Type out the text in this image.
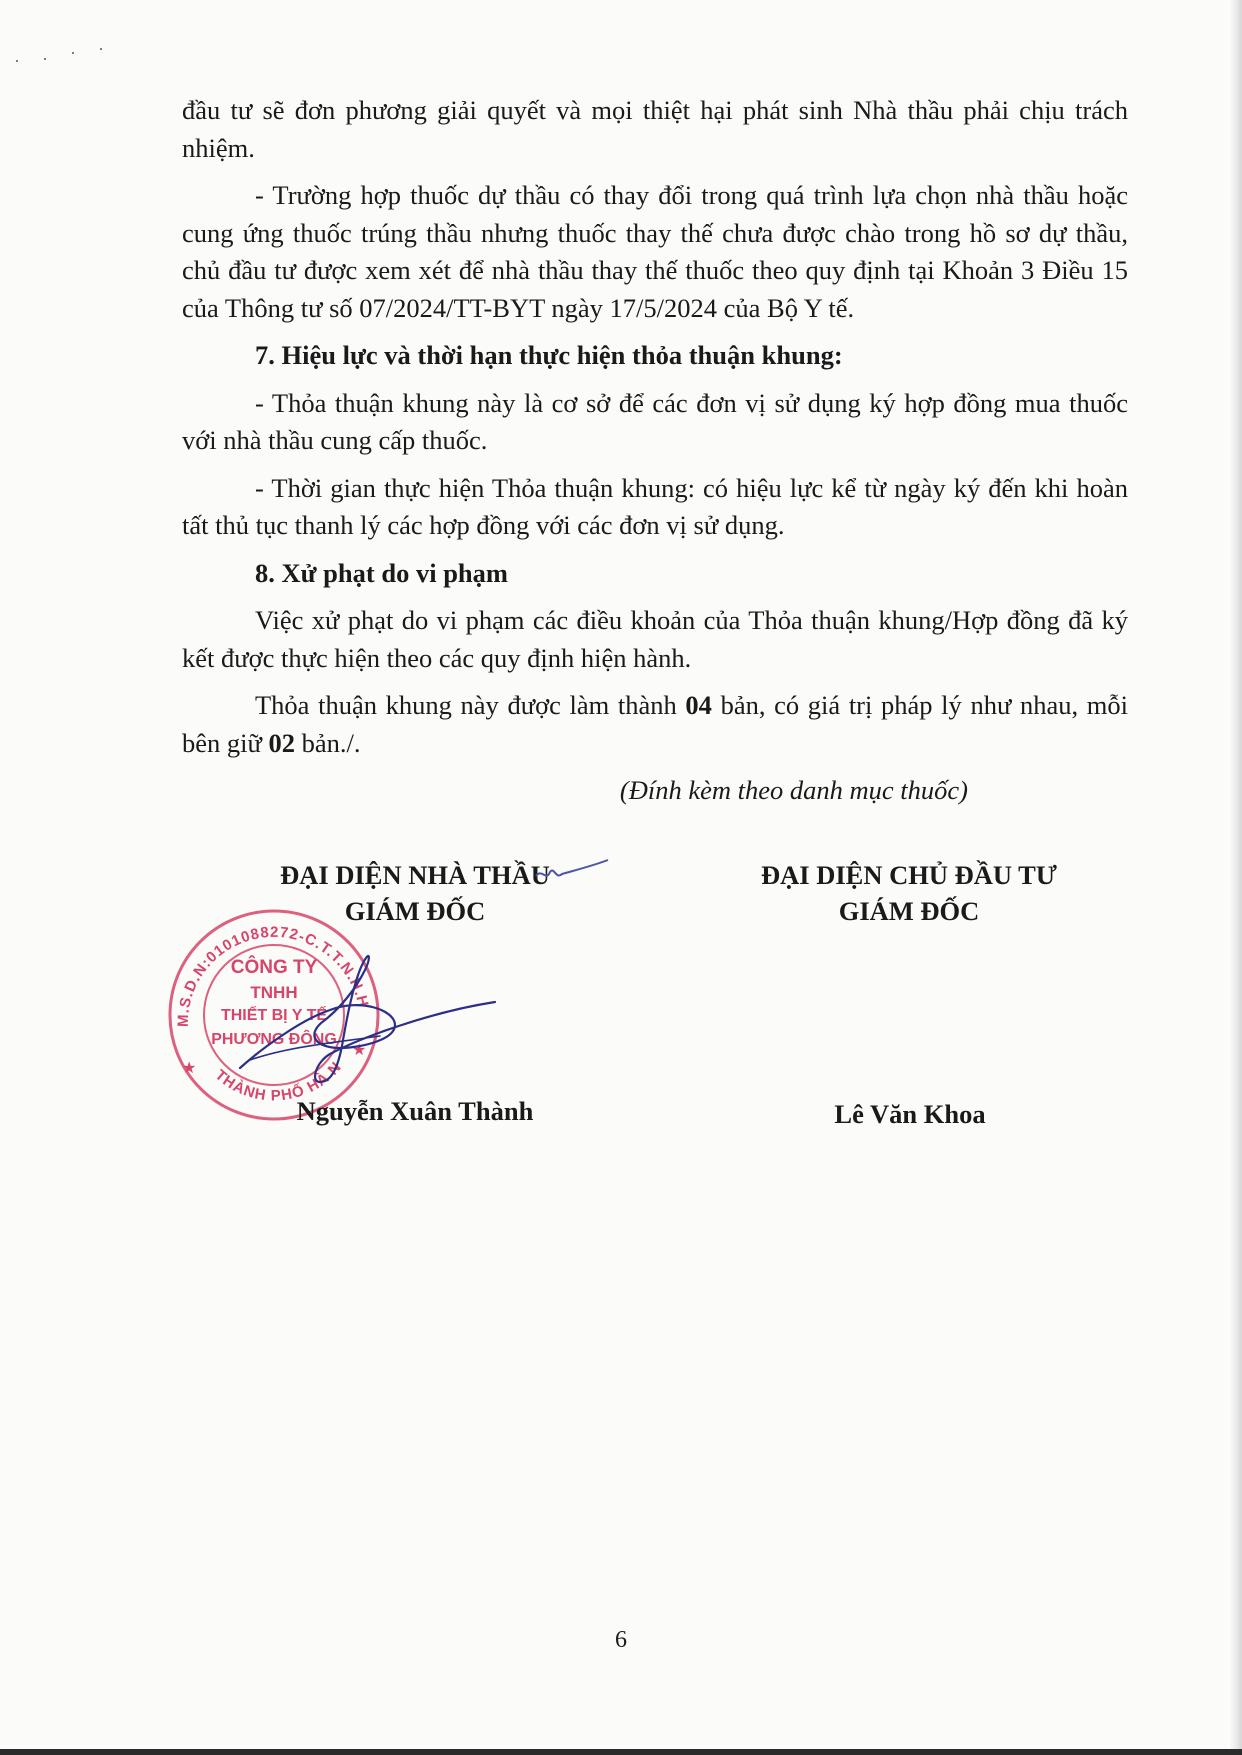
đầu tư sẽ đơn phương giải quyết và mọi thiệt hại phát sinh Nhà thầu phải chịu trách nhiệm.

- Trường hợp thuốc dự thầu có thay đổi trong quá trình lựa chọn nhà thầu hoặc cung ứng thuốc trúng thầu nhưng thuốc thay thế chưa được chào trong hồ sơ dự thầu, chủ đầu tư được xem xét để nhà thầu thay thế thuốc theo quy định tại Khoản 3 Điều 15 của Thông tư số 07/2024/TT-BYT ngày 17/5/2024 của Bộ Y tế.

7. Hiệu lực và thời hạn thực hiện thỏa thuận khung:

- Thỏa thuận khung này là cơ sở để các đơn vị sử dụng ký hợp đồng mua thuốc với nhà thầu cung cấp thuốc.

- Thời gian thực hiện Thỏa thuận khung: có hiệu lực kể từ ngày ký đến khi hoàn tất thủ tục thanh lý các hợp đồng với các đơn vị sử dụng.

8. Xử phạt do vi phạm

Việc xử phạt do vi phạm các điều khoản của Thỏa thuận khung/Hợp đồng đã ký kết được thực hiện theo các quy định hiện hành.

Thỏa thuận khung này được làm thành 04 bản, có giá trị pháp lý như nhau, mỗi bên giữ 02 bản./.

(Đính kèm theo danh mục thuốc)

ĐẠI DIỆN NHÀ THẦU
GIÁM ĐỐC
ĐẠI DIỆN CHỦ ĐẦU TƯ
GIÁM ĐỐC
M.S.D.N:0101088272-C.T.T.N.H.H
THÀNH PHỐ HÀ N
★
★
CÔNG TY
TNHH
THIẾT BỊ Y TẾ
PHƯƠNG ĐÔNG
Nguyễn Xuân Thành	Lê Văn Khoa
6
